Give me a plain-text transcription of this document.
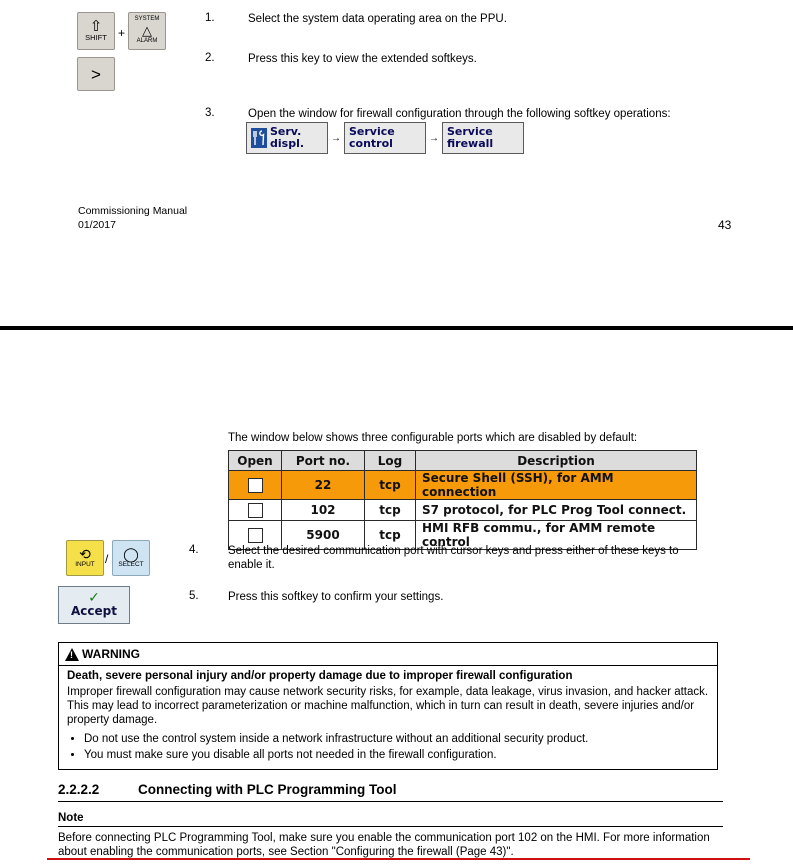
⇧
SHIFT +
SYSTEM
△
ALARM
>
1.	Select the system data operating area on the PPU.
2.	Press this key to view the extended softkeys.
3.	Open the window for firewall configuration through the following softkey operations:
Serv.
displ.	→ Service
control	→ Service
firewall
Commissioning Manual
01/2017	43
The window below shows three configurable ports which are disabled by default:
Open	Port no.	Log	Description
	22	tcp	Secure Shell (SSH), for AMM connection
	102	tcp	S7 protocol, for PLC Prog Tool connect.
	5900	tcp	HMI RFB commu., for AMM remote control
⟲
INPUT / ◯
SELECT
✓
Accept
4.	Select the desired communication port with cursor keys and press either of these keys to enable it.
5.	Press this softkey to confirm your settings.
!
WARNING
Death, severe personal injury and/or property damage due to improper firewall configuration
Improper firewall configuration may cause network security risks, for example, data leakage, virus invasion, and hacker attack. This may lead to incorrect parameterization or machine malfunction, which in turn can result in death, severe injuries and/or property damage.
• Do not use the control system inside a network infrastructure without an additional security product.
• You must make sure you disable all ports not needed in the firewall configuration.
2.2.2.2	Connecting with PLC Programming Tool
Note
Before connecting PLC Programming Tool, make sure you enable the communication port 102 on the HMI. For more information about enabling the communication ports, see Section "Configuring the firewall (Page 43)".
